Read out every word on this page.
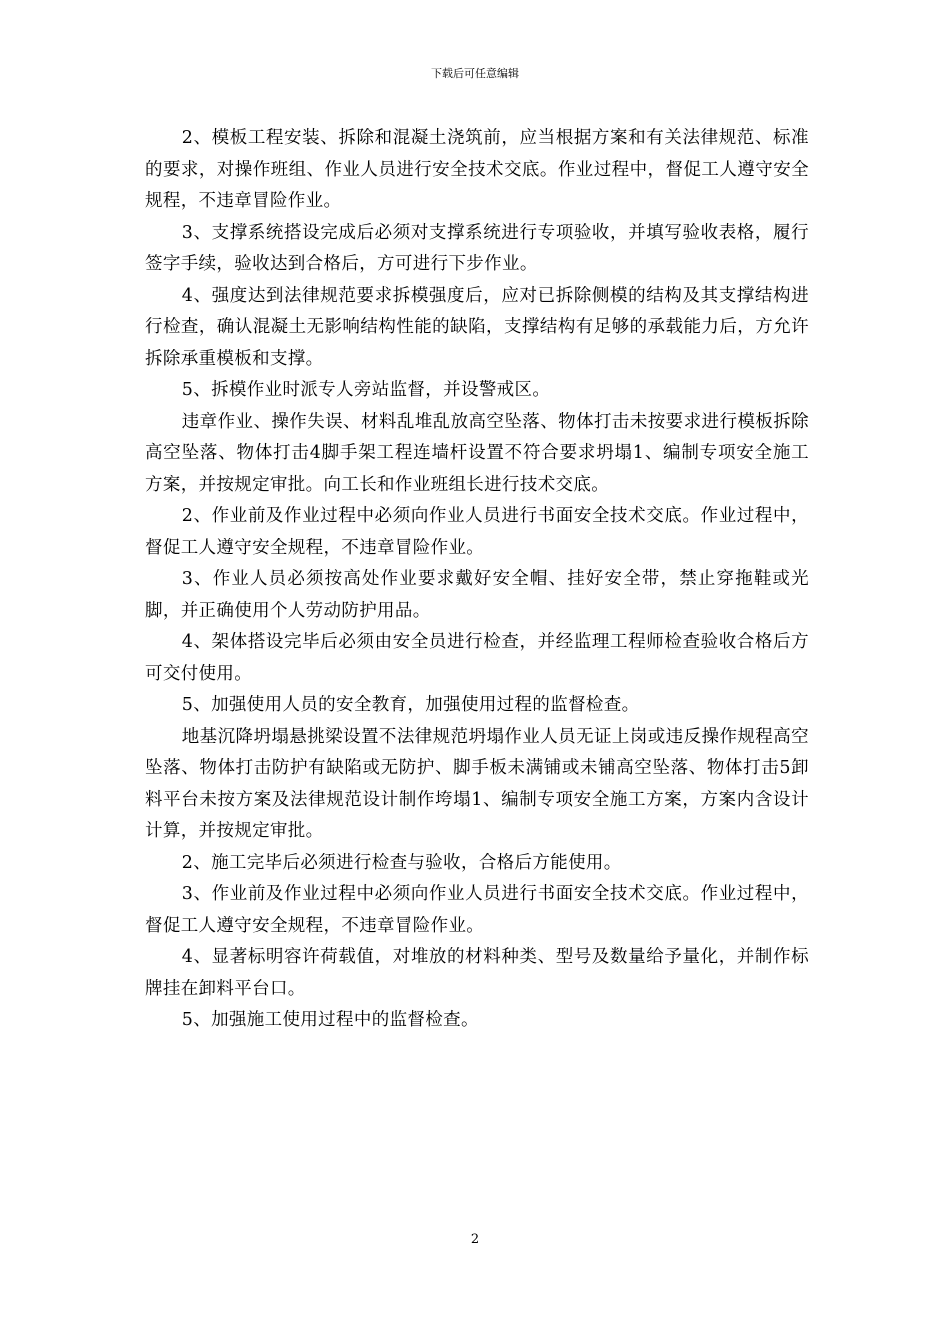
下载后可任意编辑

2、模板工程安装、拆除和混凝土浇筑前，应当根据方案和有关法律规范、标准的要求，对操作班组、作业人员进行安全技术交底。作业过程中，督促工人遵守安全规程，不违章冒险作业。

3、支撑系统搭设完成后必须对支撑系统进行专项验收，并填写验收表格，履行签字手续，验收达到合格后，方可进行下步作业。

4、强度达到法律规范要求拆模强度后，应对已拆除侧模的结构及其支撑结构进行检查，确认混凝土无影响结构性能的缺陷，支撑结构有足够的承载能力后，方允许拆除承重模板和支撑。

5、拆模作业时派专人旁站监督，并设警戒区。

违章作业、操作失误、材料乱堆乱放高空坠落、物体打击未按要求进行模板拆除高空坠落、物体打击4脚手架工程连墙杆设置不符合要求坍塌1、编制专项安全施工方案，并按规定审批。向工长和作业班组长进行技术交底。

2、作业前及作业过程中必须向作业人员进行书面安全技术交底。作业过程中，督促工人遵守安全规程，不违章冒险作业。

3、作业人员必须按高处作业要求戴好安全帽、挂好安全带，禁止穿拖鞋或光脚，并正确使用个人劳动防护用品。

4、架体搭设完毕后必须由安全员进行检查，并经监理工程师检查验收合格后方可交付使用。

5、加强使用人员的安全教育，加强使用过程的监督检查。

地基沉降坍塌悬挑梁设置不法律规范坍塌作业人员无证上岗或违反操作规程高空坠落、物体打击防护有缺陷或无防护、脚手板未满铺或未铺高空坠落、物体打击5卸料平台未按方案及法律规范设计制作垮塌1、编制专项安全施工方案，方案内含设计计算，并按规定审批。

2、施工完毕后必须进行检查与验收，合格后方能使用。

3、作业前及作业过程中必须向作业人员进行书面安全技术交底。作业过程中，督促工人遵守安全规程，不违章冒险作业。

4、显著标明容许荷载值，对堆放的材料种类、型号及数量给予量化，并制作标牌挂在卸料平台口。

5、加强施工使用过程中的监督检查。

2
